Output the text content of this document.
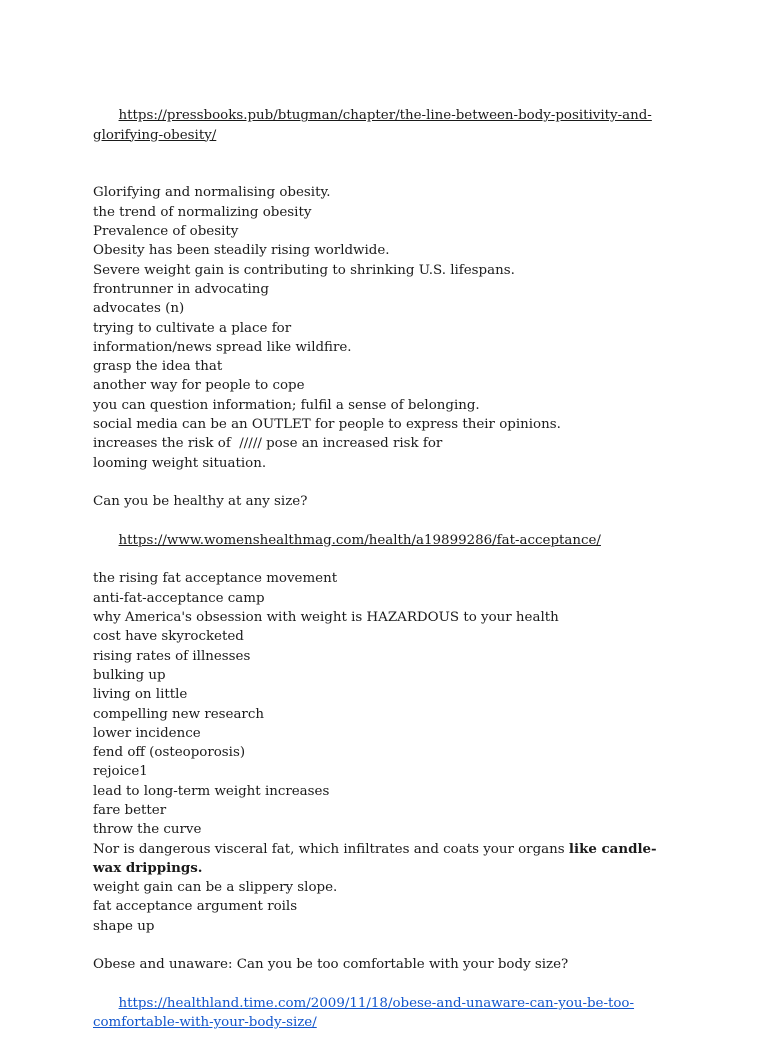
https://pressbooks.pub/btugman/chapter/the-line-between-body-positivity-and-glorifying-obesity/

Glorifying and normalising obesity.

the trend of normalizing obesity

Prevalence of obesity

Obesity has been steadily rising worldwide.

Severe weight gain is contributing to shrinking U.S. lifespans.

frontrunner in advocating

advocates (n)

trying to cultivate a place for

information/news spread like wildfire.

grasp the idea that

another way for people to cope

you can question information; fulfil a sense of belonging.

social media can be an OUTLET for people to express their opinions.

increases the risk of  ///// pose an increased risk for

looming weight situation.

Can you be healthy at any size?

https://www.womenshealthmag.com/health/a19899286/fat-acceptance/

the rising fat acceptance movement

anti-fat-acceptance camp

why America's obsession with weight is HAZARDOUS to your health

cost have skyrocketed

rising rates of illnesses

bulking up

living on little

compelling new research

lower incidence

fend off (osteoporosis)

rejoice1

lead to long-term weight increases

fare better

throw the curve

Nor is dangerous visceral fat, which infiltrates and coats your organs like candle-wax drippings.

weight gain can be a slippery slope.

fat acceptance argument roils

shape up

Obese and unaware: Can you be too comfortable with your body size?

https://healthland.time.com/2009/11/18/obese-and-unaware-can-you-be-too-comfortable-with-your-body-size/
